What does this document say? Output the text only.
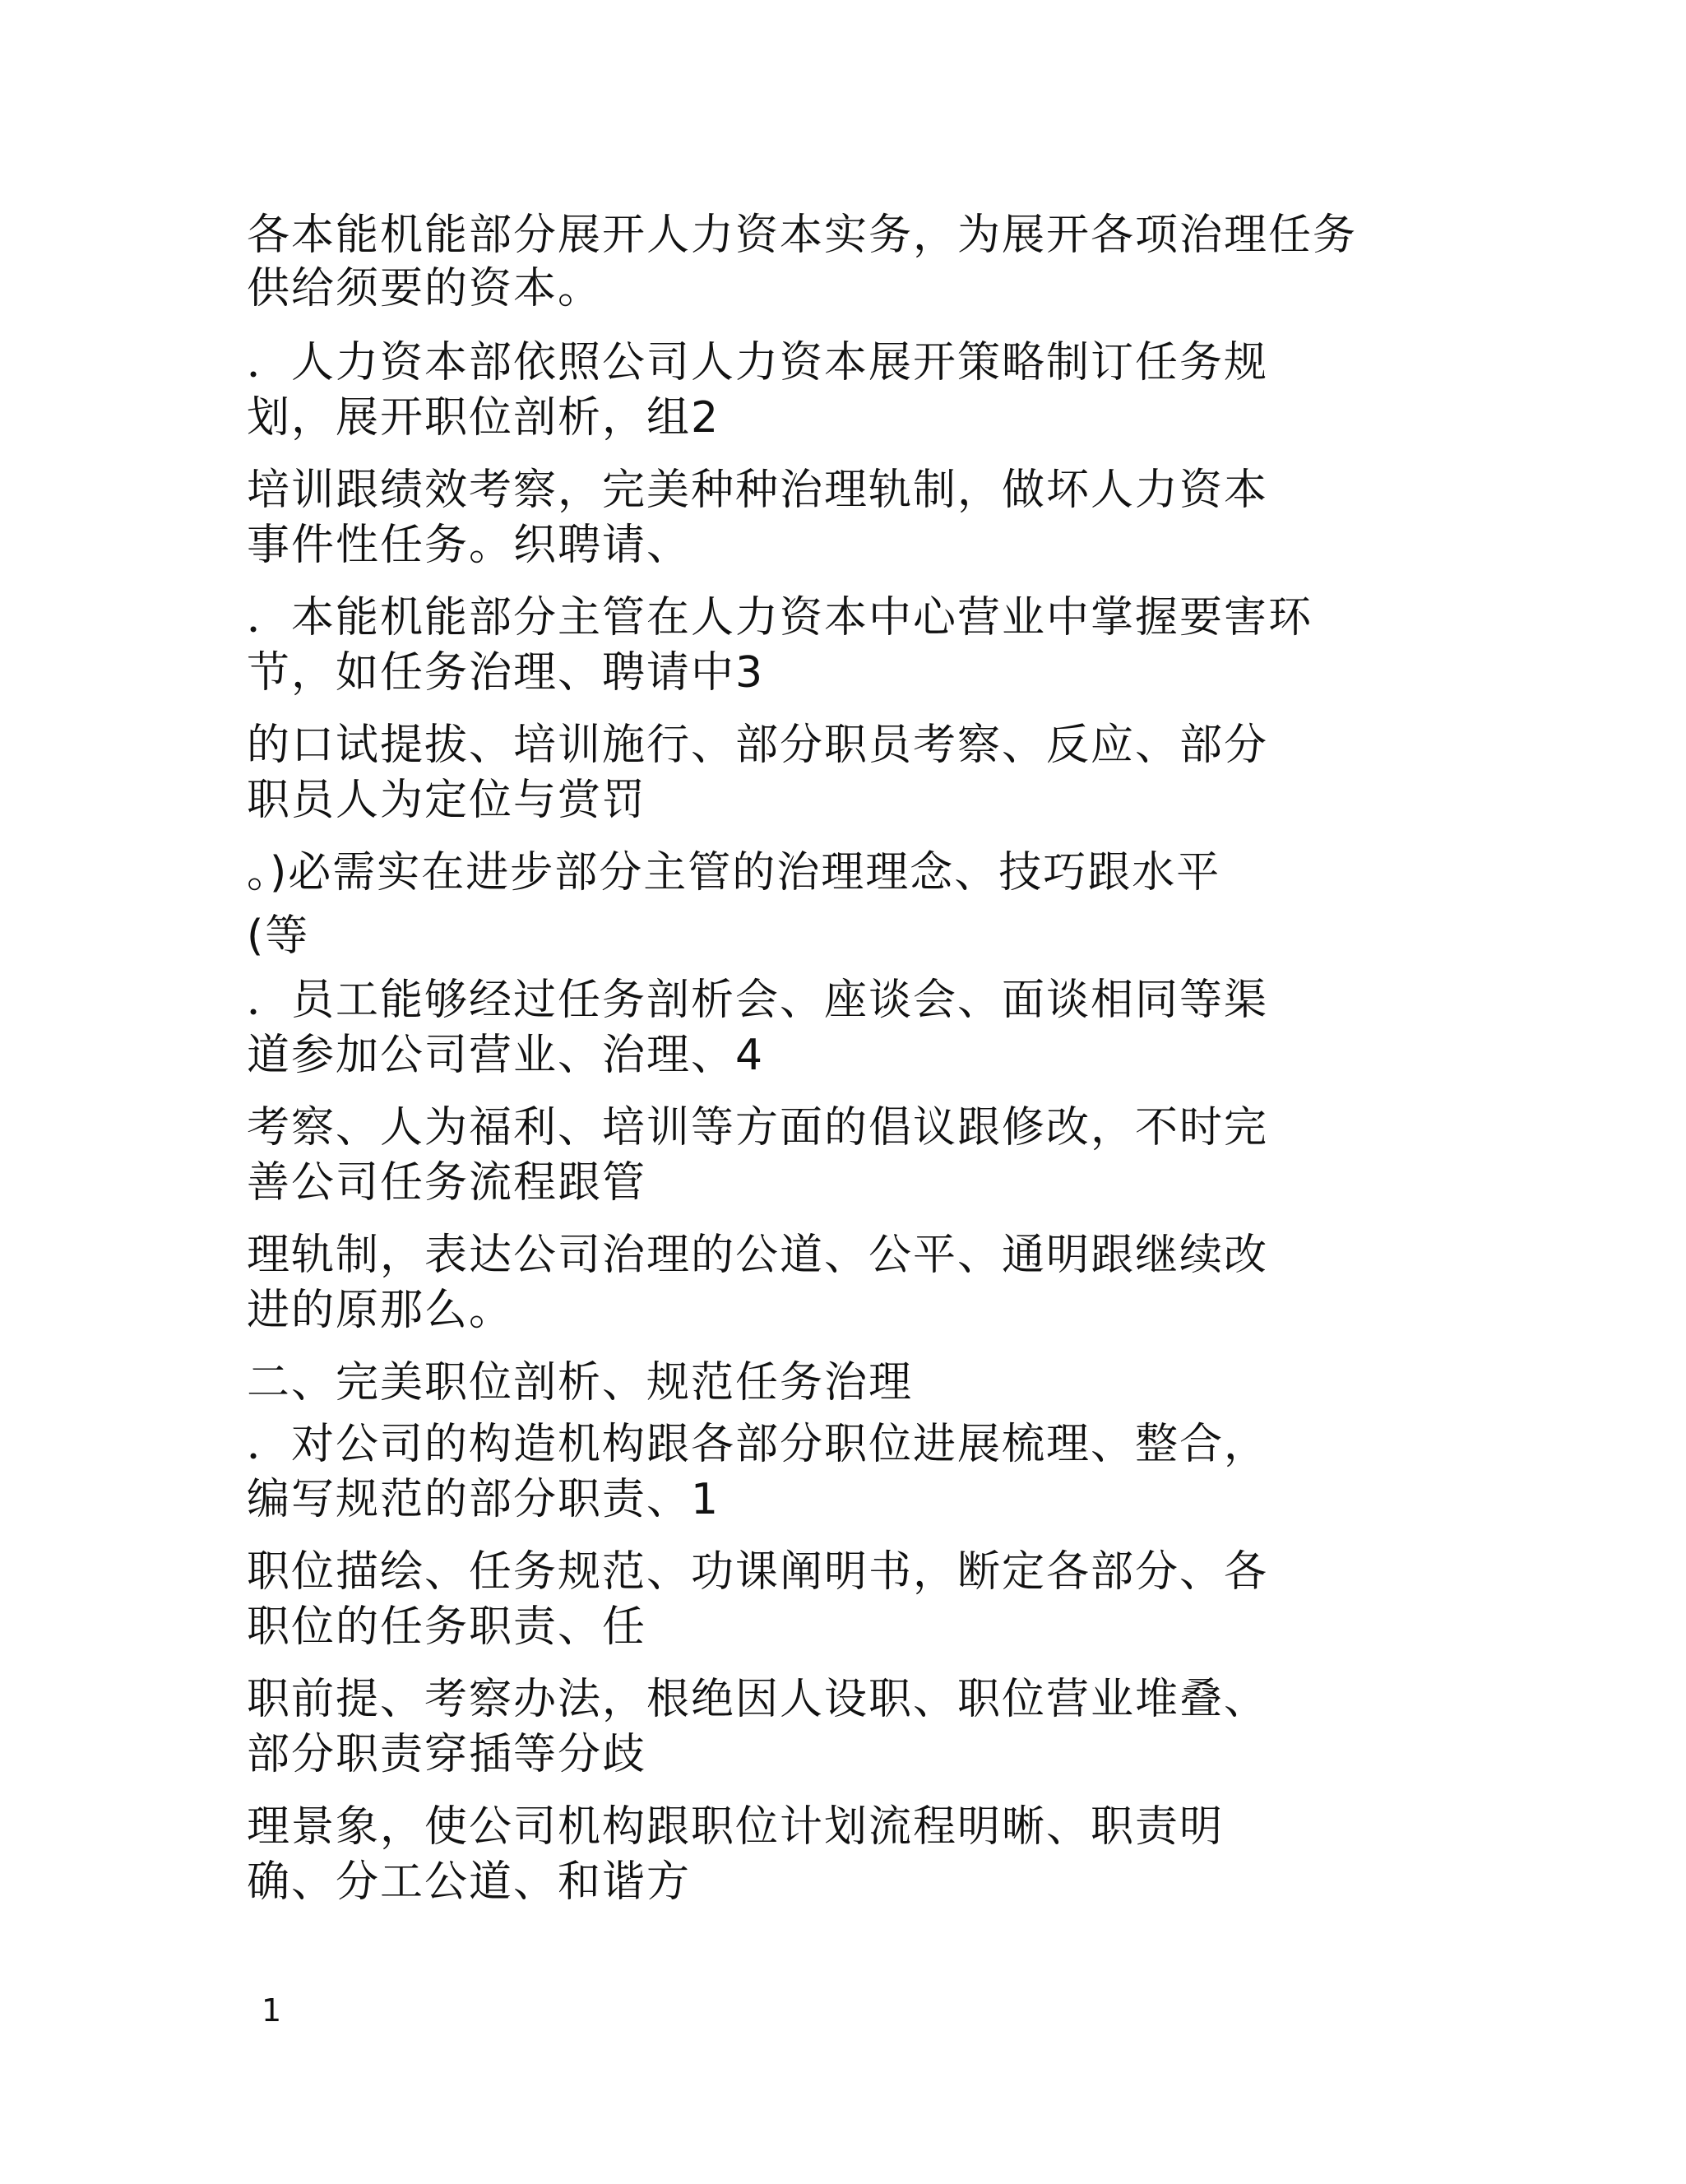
各本能机能部分展开人力资本实务，为展开各项治理任务
供给须要的资本。
．人力资本部依照公司人力资本展开策略制订任务规
划，展开职位剖析，组2
培训跟绩效考察，完美种种治理轨制，做坏人力资本
事件性任务。织聘请、
．本能机能部分主管在人力资本中心营业中掌握要害环
节，如任务治理、聘请中3
的口试提拔、培训施行、部分职员考察、反应、部分
职员人为定位与赏罚
。)必需实在进步部分主管的治理理念、技巧跟水平
(等
．员工能够经过任务剖析会、座谈会、面谈相同等渠
道参加公司营业、治理、4
考察、人为福利、培训等方面的倡议跟修改，不时完
善公司任务流程跟管
理轨制，表达公司治理的公道、公平、通明跟继续改
进的原那么。
二、完美职位剖析、规范任务治理
．对公司的构造机构跟各部分职位进展梳理、整合，
编写规范的部分职责、1
职位描绘、任务规范、功课阐明书，断定各部分、各
职位的任务职责、任
职前提、考察办法，根绝因人设职、职位营业堆叠、
部分职责穿插等分歧
理景象，使公司机构跟职位计划流程明晰、职责明
确、分工公道、和谐方
1
